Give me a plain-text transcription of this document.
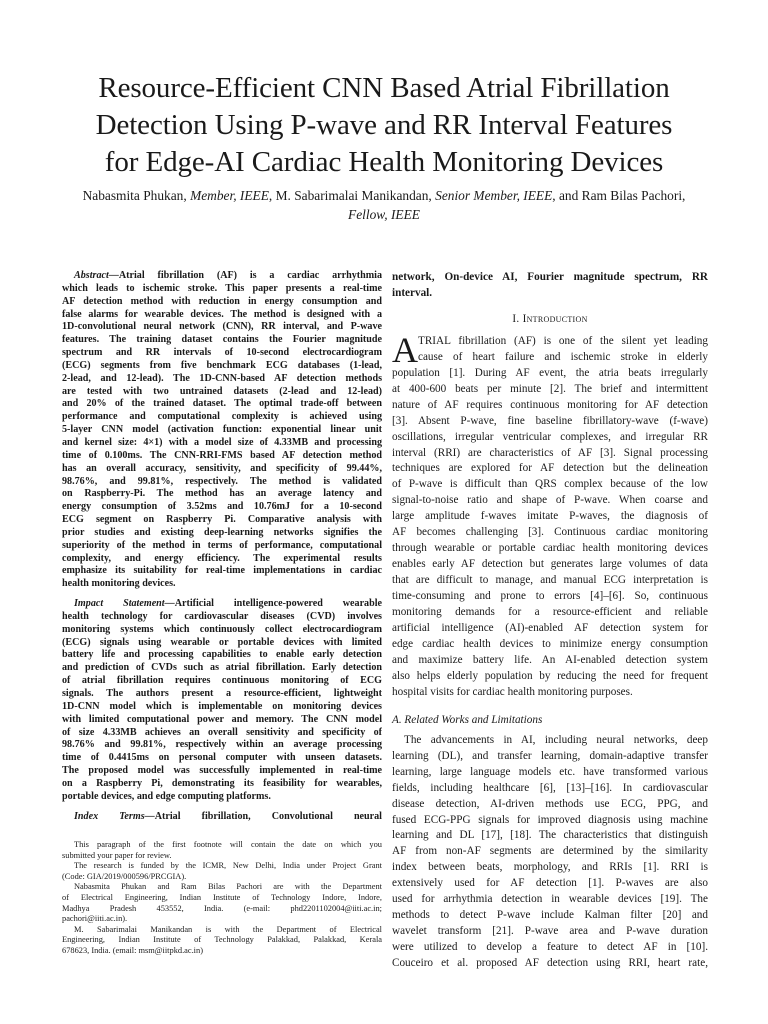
Resource-Efficient CNN Based Atrial Fibrillation
Detection Using P-wave and RR Interval Features
for Edge-AI Cardiac Health Monitoring Devices
Nabasmita Phukan, Member, IEEE, M. Sabarimalai Manikandan, Senior Member, IEEE, and Ram Bilas Pachori,
Fellow, IEEE
Abstract—Atrial fibrillation (AF) is a cardiac arrhythmia
which leads to ischemic stroke. This paper presents a real-time
AF detection method with reduction in energy consumption and
false alarms for wearable devices. The method is designed with a
1D-convolutional neural network (CNN), RR interval, and P-wave
features. The training dataset contains the Fourier magnitude
spectrum and RR intervals of 10-second electrocardiogram
(ECG) segments from five benchmark ECG databases (1-lead,
2-lead, and 12-lead). The 1D-CNN-based AF detection methods
are tested with two untrained datasets (2-lead and 12-lead)
and 20% of the trained dataset. The optimal trade-off between
performance and computational complexity is achieved using
5-layer CNN model (activation function: exponential linear unit
and kernel size: 4×1) with a model size of 4.33MB and processing
time of 0.100ms. The CNN-RRI-FMS based AF detection method
has an overall accuracy, sensitivity, and specificity of 99.44%,
98.76%, and 99.81%, respectively. The method is validated
on Raspberry-Pi. The method has an average latency and
energy consumption of 3.52ms and 10.76mJ for a 10-second
ECG segment on Raspberry Pi. Comparative analysis with
prior studies and existing deep-learning networks signifies the
superiority of the method in terms of performance, computational
complexity, and energy efficiency. The experimental results
emphasize its suitability for real-time implementations in cardiac
health monitoring devices.
Impact Statement—Artificial intelligence-powered wearable
health technology for cardiovascular diseases (CVD) involves
monitoring systems which continuously collect electrocardiogram
(ECG) signals using wearable or portable devices with limited
battery life and processing capabilities to enable early detection
and prediction of CVDs such as atrial fibrillation. Early detection
of atrial fibrillation requires continuous monitoring of ECG
signals. The authors present a resource-efficient, lightweight
1D-CNN model which is implementable on monitoring devices
with limited computational power and memory. The CNN model
of size 4.33MB achieves an overall sensitivity and specificity of
98.76% and 99.81%, respectively within an average processing
time of 0.4415ms on personal computer with unseen datasets.
The proposed model was successfully implemented in real-time
on a Raspberry Pi, demonstrating its feasibility for wearables,
portable devices, and edge computing platforms.
Index Terms—Atrial fibrillation, Convolutional neural
This paragraph of the first footnote will contain the date on which you
submitted your paper for review.
The research is funded by the ICMR, New Delhi, India under Project Grant
(Code: GIA/2019/000596/PRCGIA).
Nabasmita Phukan and Ram Bilas Pachori are with the Department
of Electrical Engineering, Indian Institute of Technology Indore, Indore,
Madhya Pradesh 453552, India. (e-mail: phd2201102004@iiti.ac.in;
pachori@iiti.ac.in).
M. Sabarimalai Manikandan is with the Department of Electrical
Engineering, Indian Institute of Technology Palakkad, Palakkad, Kerala
678623, India. (email: msm@iitpkd.ac.in)
network, On-device AI, Fourier magnitude spectrum, RR
interval.
I. Introduction
A TRIAL fibrillation (AF) is one of the silent yet leading
cause of heart failure and ischemic stroke in elderly
population [1]. During AF event, the atria beats irregularly
at 400-600 beats per minute [2]. The brief and intermittent
nature of AF requires continuous monitoring for AF detection
[3]. Absent P-wave, fine baseline fibrillatory-wave (f-wave)
oscillations, irregular ventricular complexes, and irregular RR
interval (RRI) are characteristics of AF [3]. Signal processing
techniques are explored for AF detection but the delineation
of P-wave is difficult than QRS complex because of the low
signal-to-noise ratio and shape of P-wave. When coarse and
large amplitude f-waves imitate P-waves, the diagnosis of
AF becomes challenging [3]. Continuous cardiac monitoring
through wearable or portable cardiac health monitoring devices
enables early AF detection but generates large volumes of data
that are difficult to manage, and manual ECG interpretation is
time-consuming and prone to errors [4]–[6]. So, continuous
monitoring demands for a resource-efficient and reliable
artificial intelligence (AI)-enabled AF detection system for
edge cardiac health devices to minimize energy consumption
and maximize battery life. An AI-enabled detection system
also helps elderly population by reducing the need for frequent
hospital visits for cardiac health monitoring purposes.
A. Related Works and Limitations
The advancements in AI, including neural networks, deep
learning (DL), and transfer learning, domain-adaptive transfer
learning, large language models etc. have transformed various
fields, including healthcare [6], [13]–[16]. In cardiovascular
disease detection, AI-driven methods use ECG, PPG, and
fused ECG-PPG signals for improved diagnosis using machine
learning and DL [17], [18]. The characteristics that distinguish
AF from non-AF segments are determined by the similarity
index between beats, morphology, and RRIs [1]. RRI is
extensively used for AF detection [1]. P-waves are also
used for arrhythmia detection in wearable devices [19]. The
methods to detect P-wave include Kalman filter [20] and
wavelet transform [21]. P-wave area and P-wave duration
were utilized to develop a feature to detect AF in [10].
Couceiro et al. proposed AF detection using RRI, heart rate,
